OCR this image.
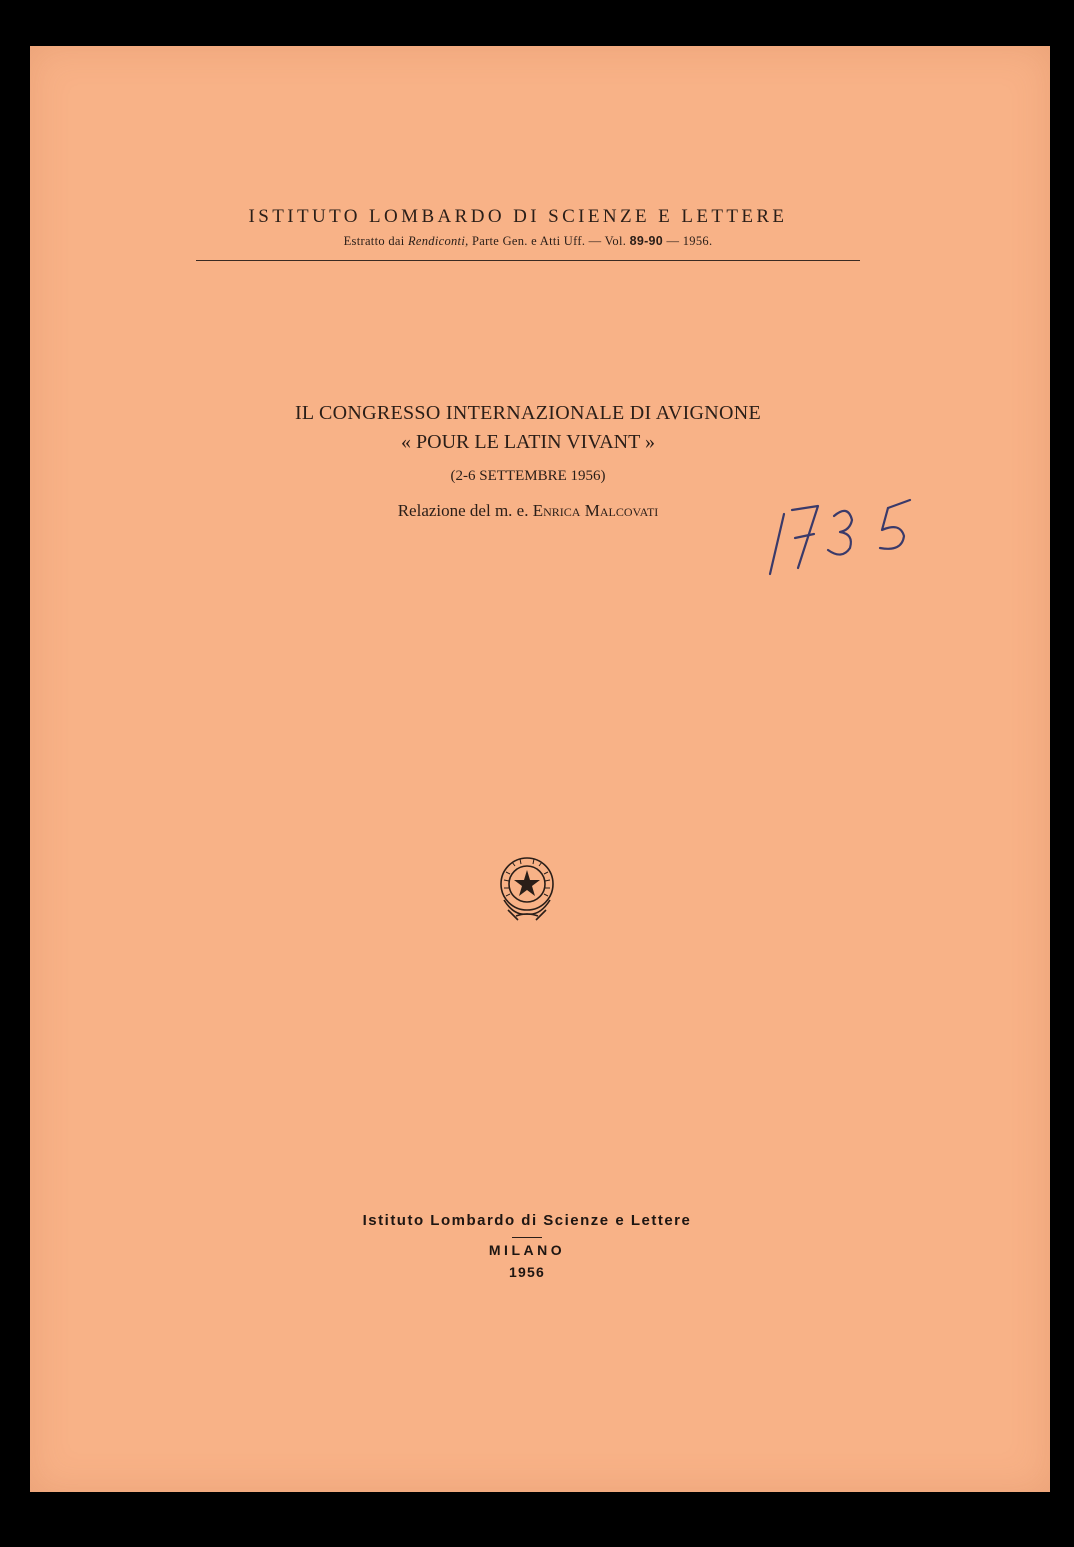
ISTITUTO LOMBARDO DI SCIENZE E LETTERE
Estratto dai Rendiconti, Parte Gen. e Atti Uff. — Vol. 89-90 — 1956.
IL CONGRESSO INTERNAZIONALE DI AVIGNONE
« POUR LE LATIN VIVANT »
(2-6 SETTEMBRE 1956)
Relazione del m. e. Enrica Malcovati
Istituto Lombardo di Scienze e Lettere
MILANO
1956
